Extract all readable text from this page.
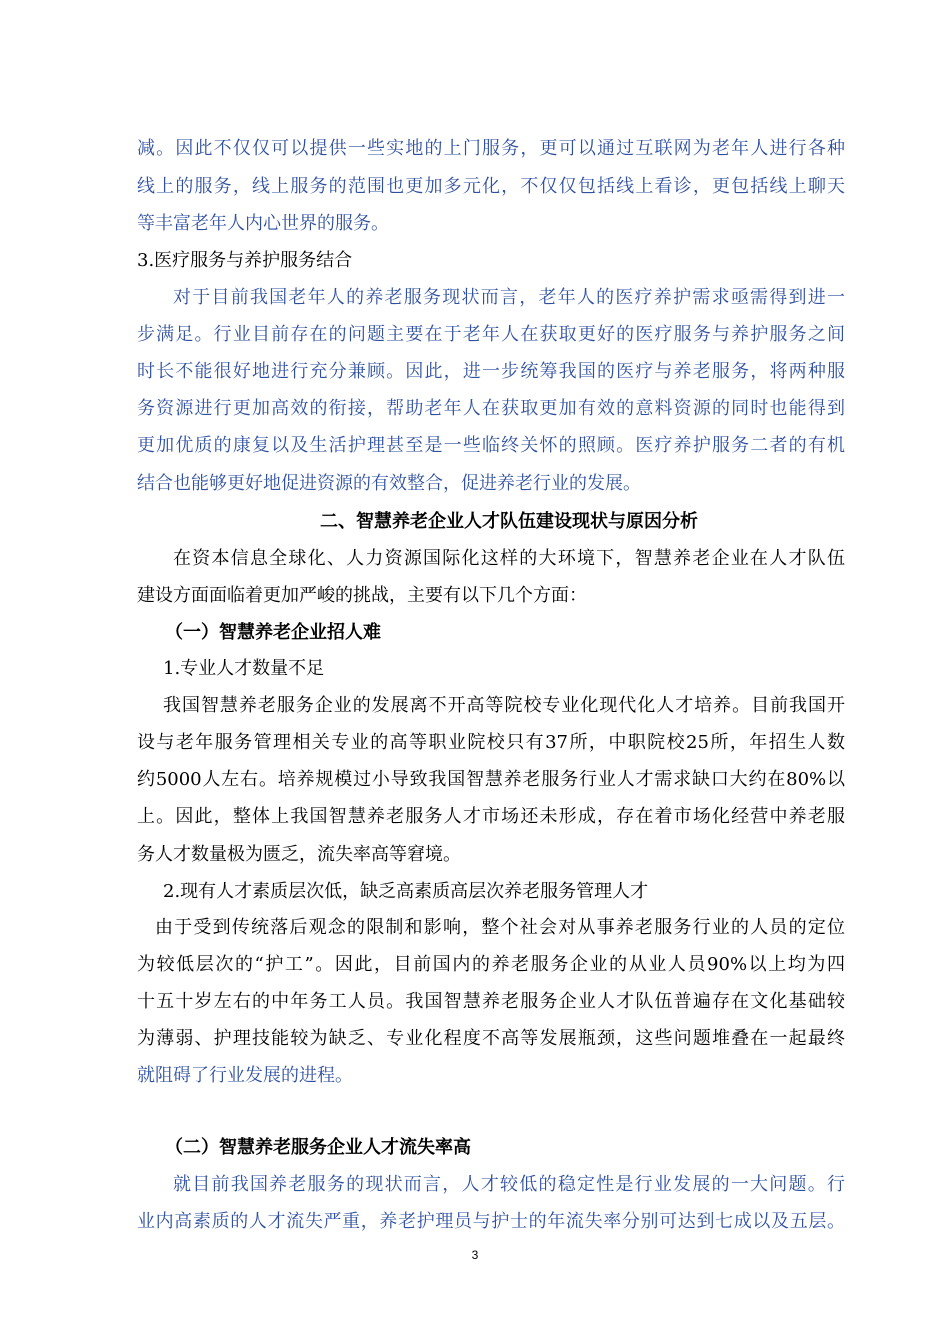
减。因此不仅仅可以提供一些实地的上门服务，更可以通过互联网为老年人进行各种
线上的服务，线上服务的范围也更加多元化，不仅仅包括线上看诊，更包括线上聊天
等丰富老年人内心世界的服务。
3.医疗服务与养护服务结合
对于目前我国老年人的养老服务现状而言，老年人的医疗养护需求亟需得到进一
步满足。行业目前存在的问题主要在于老年人在获取更好的医疗服务与养护服务之间
时长不能很好地进行充分兼顾。因此，进一步统筹我国的医疗与养老服务，将两种服
务资源进行更加高效的衔接，帮助老年人在获取更加有效的意料资源的同时也能得到
更加优质的康复以及生活护理甚至是一些临终关怀的照顾。医疗养护服务二者的有机
结合也能够更好地促进资源的有效整合，促进养老行业的发展。
二、智慧养老企业人才队伍建设现状与原因分析
在资本信息全球化、人力资源国际化这样的大环境下，智慧养老企业在人才队伍
建设方面面临着更加严峻的挑战，主要有以下几个方面：
（一）智慧养老企业招人难
1.专业人才数量不足
我国智慧养老服务企业的发展离不开高等院校专业化现代化人才培养。目前我国开
设与老年服务管理相关专业的高等职业院校只有37所，中职院校25所，年招生人数
约5000人左右。培养规模过小导致我国智慧养老服务行业人才需求缺口大约在80%以
上。因此，整体上我国智慧养老服务人才市场还未形成，存在着市场化经营中养老服
务人才数量极为匮乏，流失率高等窘境。
2.现有人才素质层次低，缺乏高素质高层次养老服务管理人才
由于受到传统落后观念的限制和影响，整个社会对从事养老服务行业的人员的定位
为较低层次的“护工”。因此，目前国内的养老服务企业的从业人员90%以上均为四
十五十岁左右的中年务工人员。我国智慧养老服务企业人才队伍普遍存在文化基础较
为薄弱、护理技能较为缺乏、专业化程度不高等发展瓶颈，这些问题堆叠在一起最终
就阻碍了行业发展的进程。
（二）智慧养老服务企业人才流失率高
就目前我国养老服务的现状而言，人才较低的稳定性是行业发展的一大问题。行
业内高素质的人才流失严重，养老护理员与护士的年流失率分别可达到七成以及五层。
3
